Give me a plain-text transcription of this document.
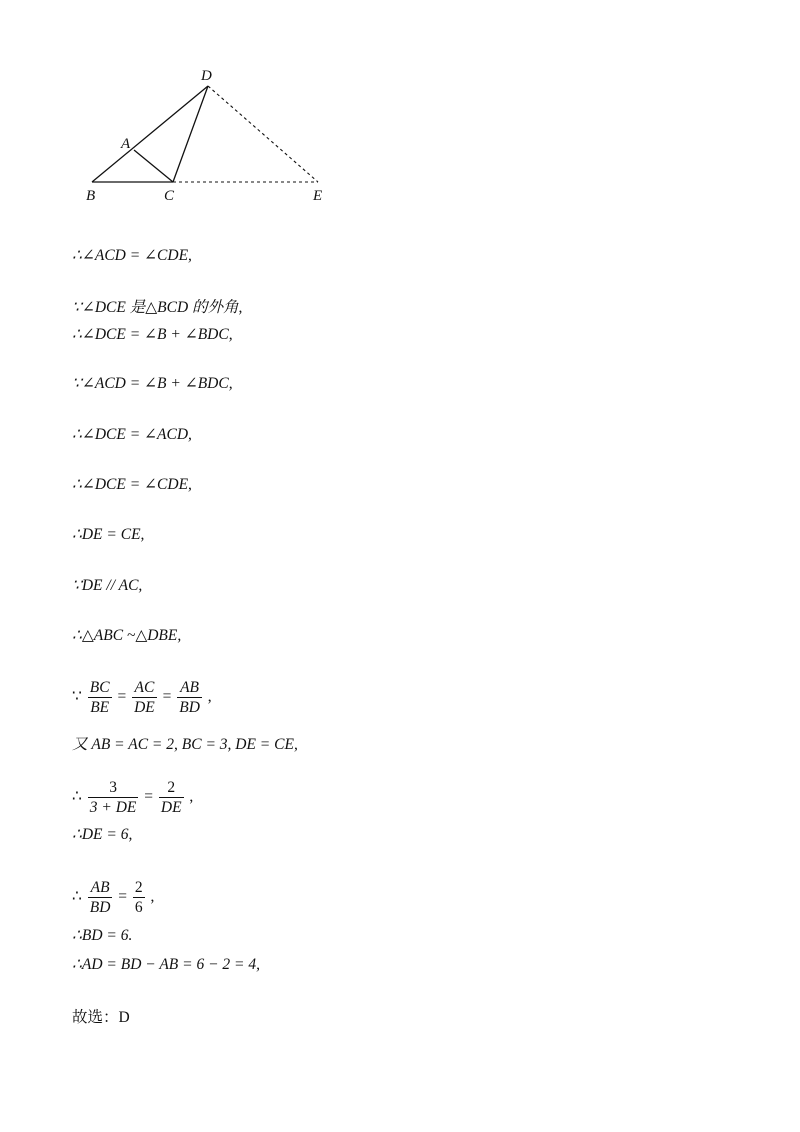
D
A
B	C	E
∴∠ACD = ∠CDE,
∵∠DCE 是△BCD 的外角,
∴∠DCE = ∠B + ∠BDC,
∵∠ACD = ∠B + ∠BDC,
∴∠DCE = ∠ACD,
∴∠DCE = ∠CDE,
∴DE = CE,
∵DE // AC,
∴△ABC ~△DBE,
∵ $\frac{BC}{BE} = \frac{AC}{DE} = \frac{AB}{BD}$ ,
又 AB = AC = 2, BC = 3, DE = CE,
∴ $\frac{3}{3 + DE} = \frac{2}{DE}$ ,
∴DE = 6,
∴ $\frac{AB}{BD} = \frac{2}{6}$ ,
∴BD = 6.
∴AD = BD − AB = 6 − 2 = 4,
故选：D
